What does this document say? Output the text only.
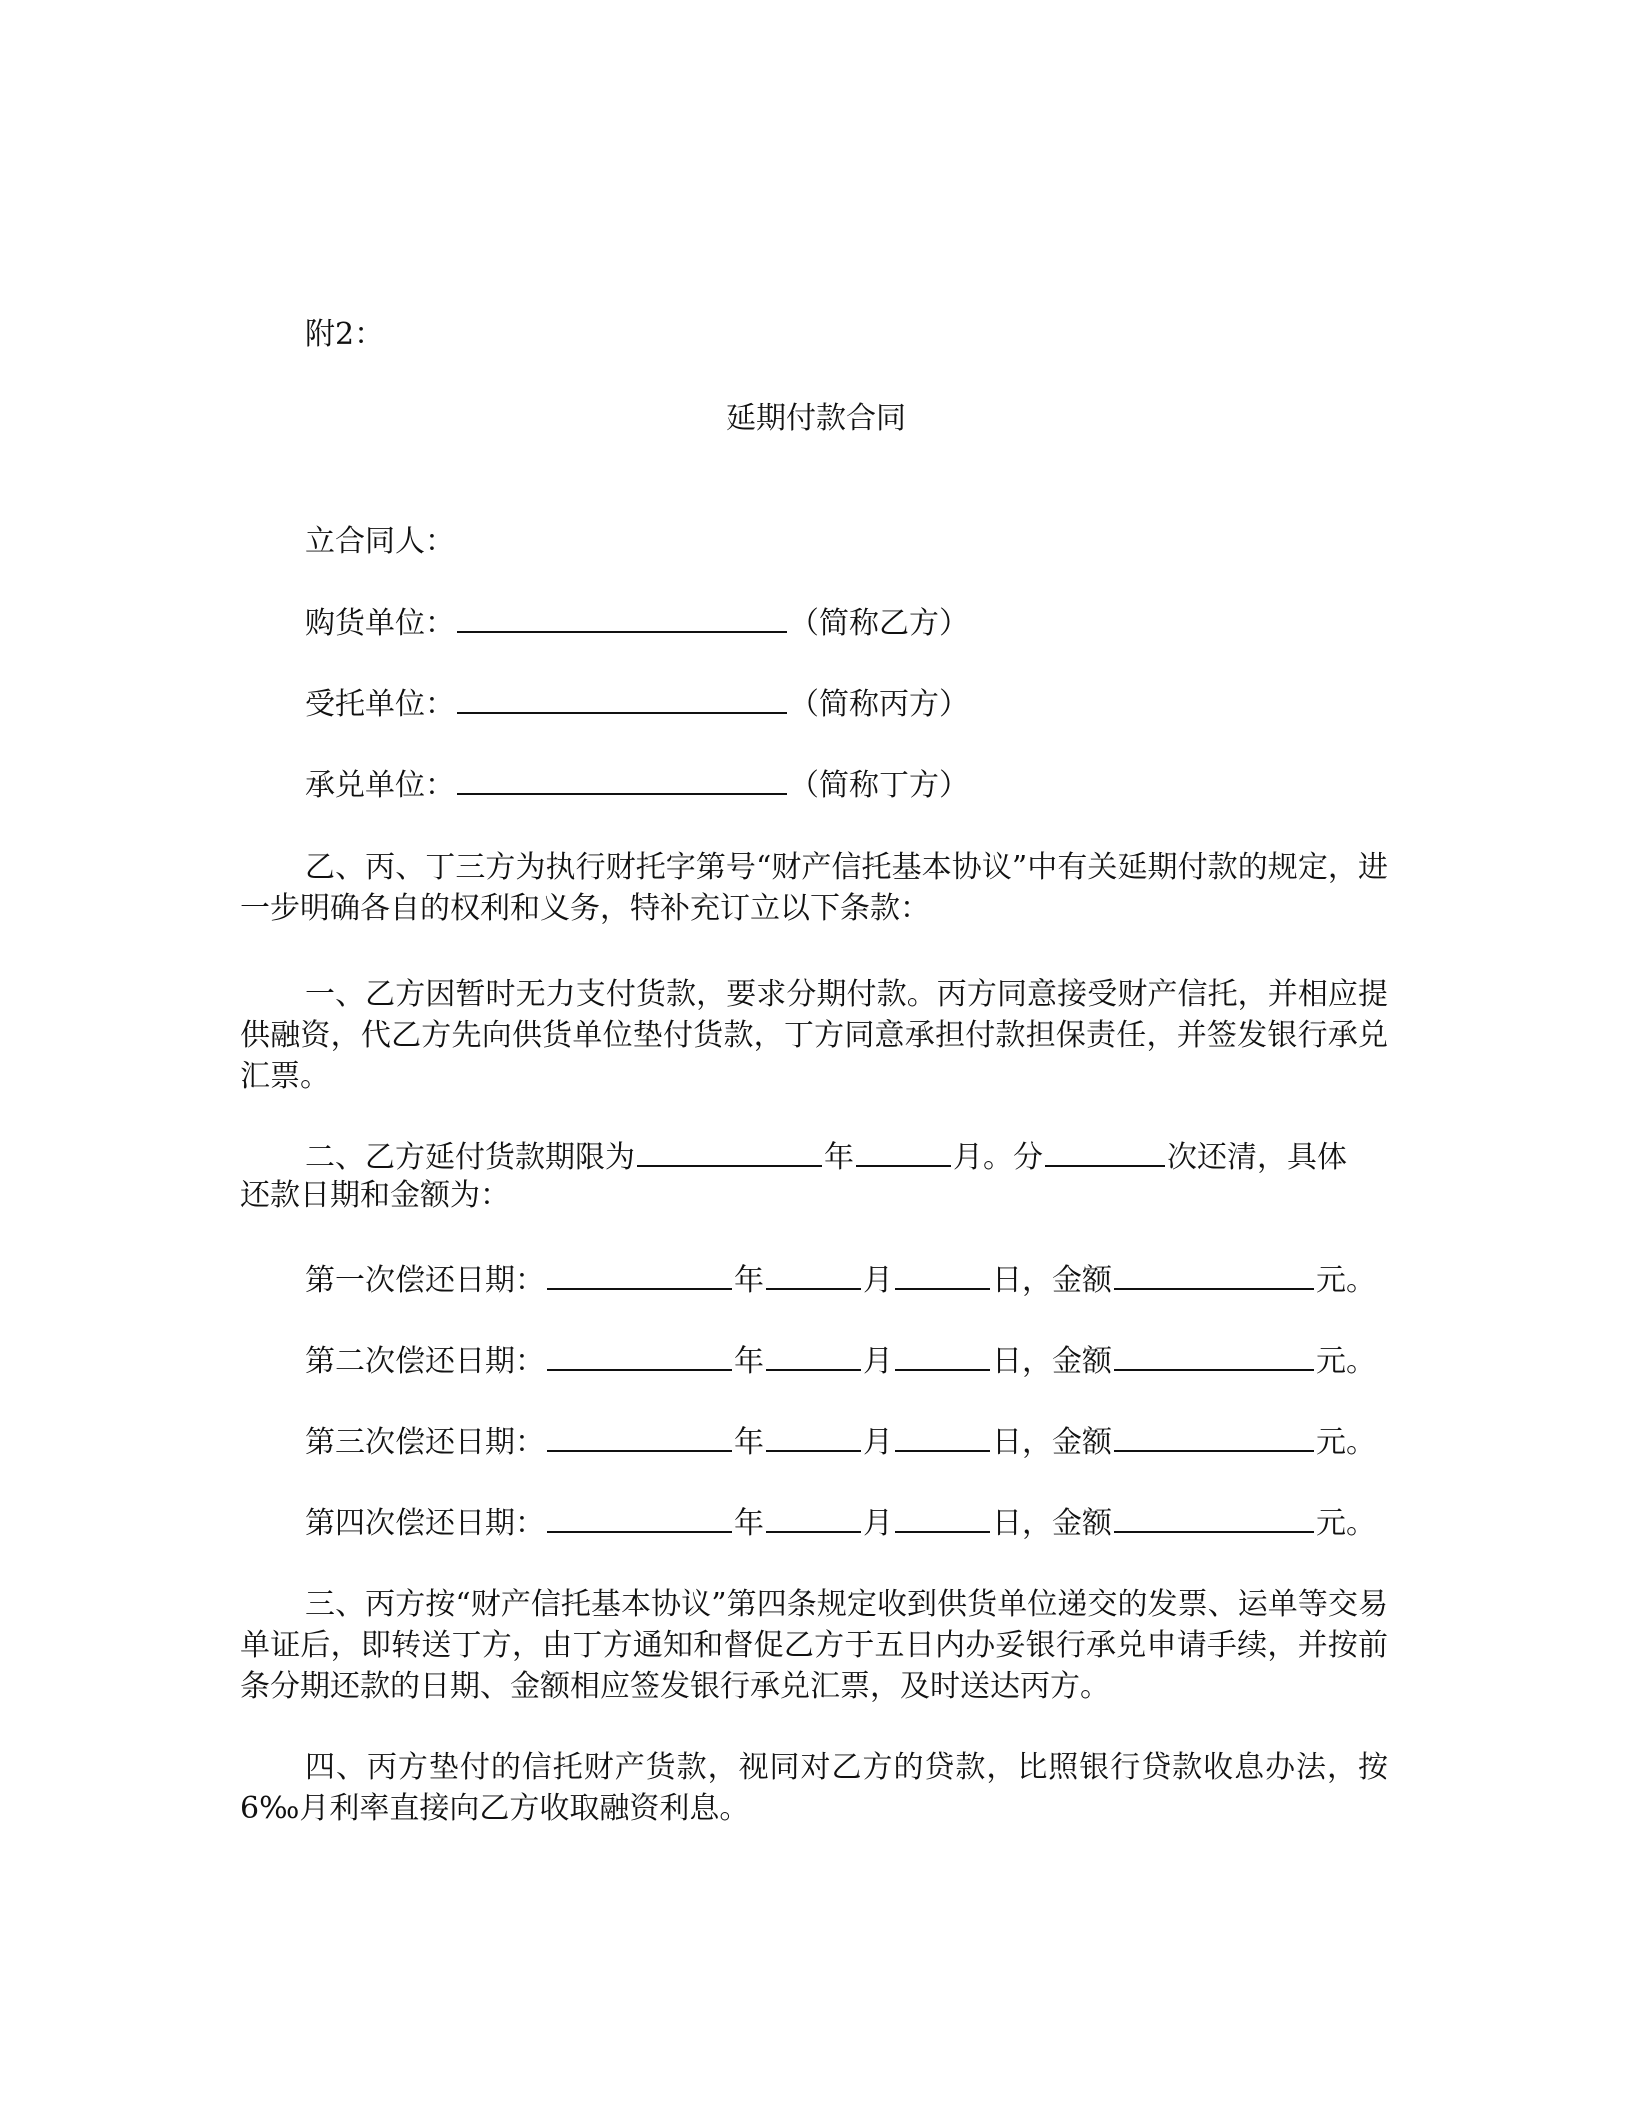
附2：
延期付款合同
立合同人：
购货单位：	（简称乙方）
受托单位：	（简称丙方）
承兑单位：	（简称丁方）
乙、丙、丁三方为执行财托字第号“财产信托基本协议”中有关延期付款的规定，进一步明确各自的权利和义务，特补充订立以下条款：
一、乙方因暂时无力支付货款，要求分期付款。丙方同意接受财产信托，并相应提供融资，代乙方先向供货单位垫付货款，丁方同意承担付款担保责任，并签发银行承兑汇票。
二、乙方延付货款期限为	年	月。分	次还清，具体
还款日期和金额为：
第一次偿还日期：	年	月	日，金额	元。
第二次偿还日期：	年	月	日，金额	元。
第三次偿还日期：	年	月	日，金额	元。
第四次偿还日期：	年	月	日，金额	元。
三、丙方按“财产信托基本协议”第四条规定收到供货单位递交的发票、运单等交易单证后，即转送丁方，由丁方通知和督促乙方于五日内办妥银行承兑申请手续，并按前条分期还款的日期、金额相应签发银行承兑汇票，及时送达丙方。
四、丙方垫付的信托财产货款，视同对乙方的贷款，比照银行贷款收息办法，按6‰月利率直接向乙方收取融资利息。
